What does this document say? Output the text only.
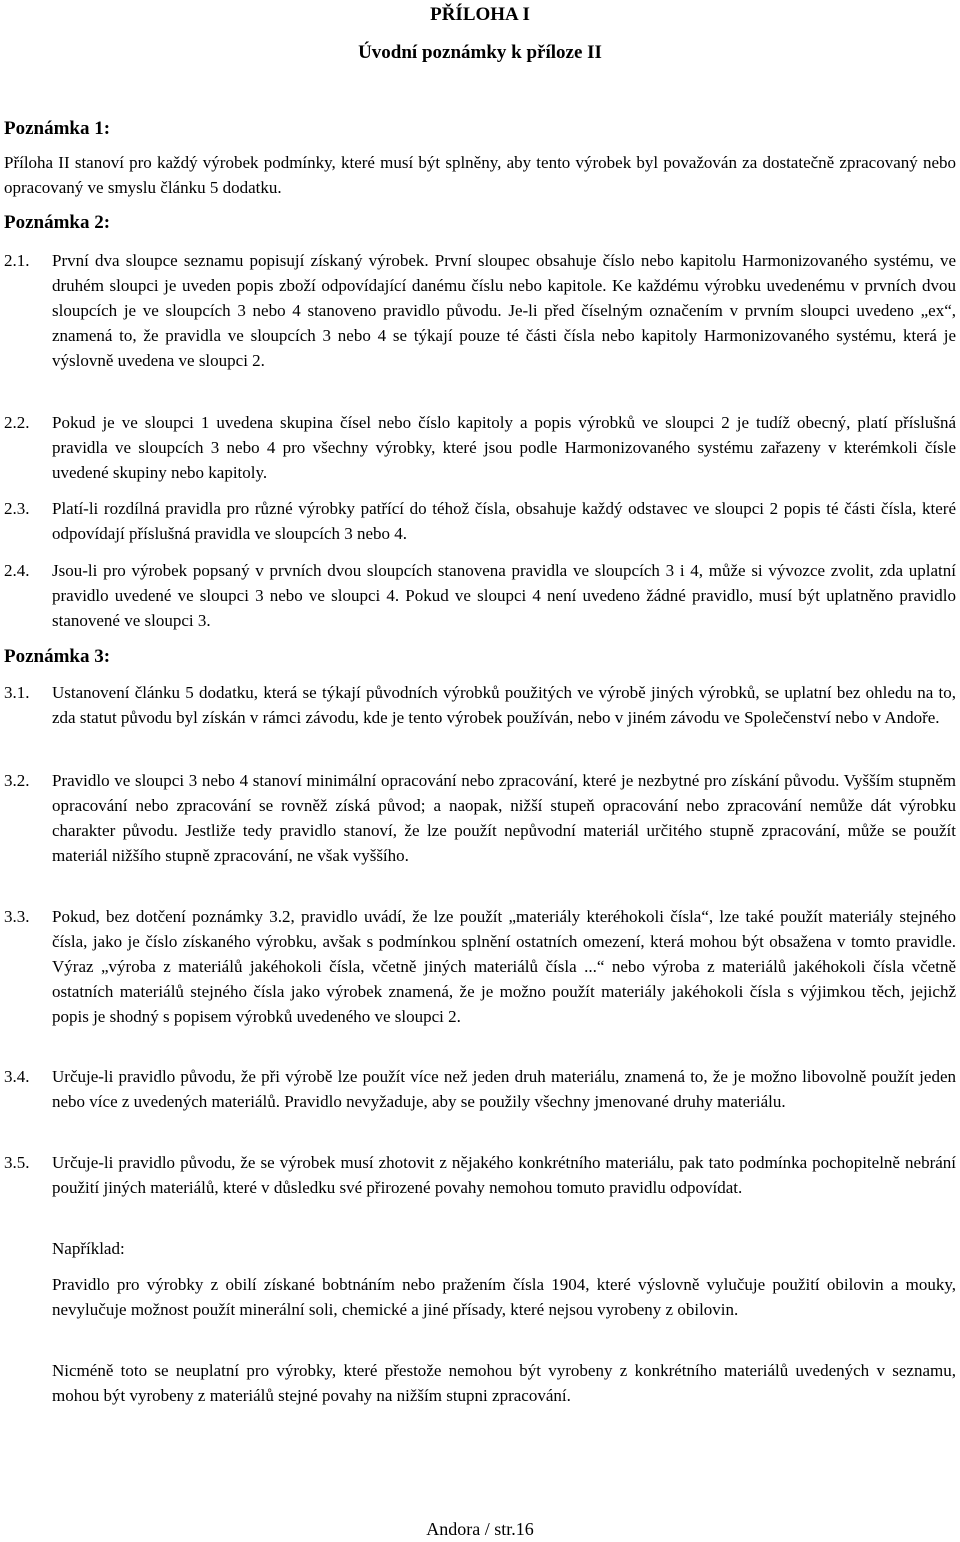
PŘÍLOHA I
Úvodní poznámky k příloze II
Poznámka 1:
Příloha II stanoví pro každý výrobek podmínky, které musí být splněny, aby tento výrobek byl považován za dostatečně zpracovaný nebo opracovaný ve smyslu článku 5 dodatku.
Poznámka 2:
2.1. První dva sloupce seznamu popisují získaný výrobek. První sloupec obsahuje číslo nebo kapitolu Harmonizovaného systému, ve druhém sloupci je uveden popis zboží odpovídající danému číslu nebo kapitole. Ke každému výrobku uvedenému v prvních dvou sloupcích je ve sloupcích 3 nebo 4 stanoveno pravidlo původu. Je-li před číselným označením v prvním sloupci uvedeno „ex“, znamená to, že pravidla ve sloupcích 3 nebo 4 se týkají pouze té části čísla nebo kapitoly Harmonizovaného systému, která je výslovně uvedena ve sloupci 2.
2.2. Pokud je ve sloupci 1 uvedena skupina čísel nebo číslo kapitoly a popis výrobků ve sloupci 2 je tudíž obecný, platí příslušná pravidla ve sloupcích 3 nebo 4 pro všechny výrobky, které jsou podle Harmonizovaného systému zařazeny v kterémkoli čísle uvedené skupiny nebo kapitoly.
2.3. Platí-li rozdílná pravidla pro různé výrobky patřící do téhož čísla, obsahuje každý odstavec ve sloupci 2 popis té části čísla, které odpovídají příslušná pravidla ve sloupcích 3 nebo 4.
2.4. Jsou-li pro výrobek popsaný v prvních dvou sloupcích stanovena pravidla ve sloupcích 3 i 4, může si vývozce zvolit, zda uplatní pravidlo uvedené ve sloupci 3 nebo ve sloupci 4. Pokud ve sloupci 4 není uvedeno žádné pravidlo, musí být uplatněno pravidlo stanovené ve sloupci 3.
Poznámka 3:
3.1. Ustanovení článku 5 dodatku, která se týkají původních výrobků použitých ve výrobě jiných výrobků, se uplatní bez ohledu na to, zda statut původu byl získán v rámci závodu, kde je tento výrobek používán, nebo v jiném závodu ve Společenství nebo v Andoře.
3.2. Pravidlo ve sloupci 3 nebo 4 stanoví minimální opracování nebo zpracování, které je nezbytné pro získání původu. Vyšším stupněm opracování nebo zpracování se rovněž získá původ; a naopak, nižší stupeň opracování nebo zpracování nemůže dát výrobku charakter původu. Jestliže tedy pravidlo stanoví, že lze použít nepůvodní materiál určitého stupně zpracování, může se použít materiál nižšího stupně zpracování, ne však vyššího.
3.3. Pokud, bez dotčení poznámky 3.2, pravidlo uvádí, že lze použít „materiály kteréhokoli čísla“, lze také použít materiály stejného čísla, jako je číslo získaného výrobku, avšak s podmínkou splnění ostatních omezení, která mohou být obsažena v tomto pravidle. Výraz „výroba z materiálů jakéhokoli čísla, včetně jiných materiálů čísla ...“ nebo výroba z materiálů jakéhokoli čísla včetně ostatních materiálů stejného čísla jako výrobek znamená, že je možno použít materiály jakéhokoli čísla s výjimkou těch, jejichž popis je shodný s popisem výrobků uvedeného ve sloupci 2.
3.4. Určuje-li pravidlo původu, že při výrobě lze použít více než jeden druh materiálu, znamená to, že je možno libovolně použít jeden nebo více z uvedených materiálů. Pravidlo nevyžaduje, aby se použily všechny jmenované druhy materiálu.
3.5. Určuje-li pravidlo původu, že se výrobek musí zhotovit z nějakého konkrétního materiálu, pak tato podmínka pochopitelně nebrání použití jiných materiálů, které v důsledku své přirozené povahy nemohou tomuto pravidlu odpovídat.
Například:
Pravidlo pro výrobky z obilí získané bobtnáním nebo pražením čísla 1904, které výslovně vylučuje použití obilovin a mouky, nevylučuje možnost použít minerální soli, chemické a jiné přísady, které nejsou vyrobeny z obilovin.
Nicméně toto se neuplatní pro výrobky, které přestože nemohou být vyrobeny z konkrétního materiálů uvedených v seznamu, mohou být vyrobeny z materiálů stejné povahy na nižším stupni zpracování.
Andora / str.16
